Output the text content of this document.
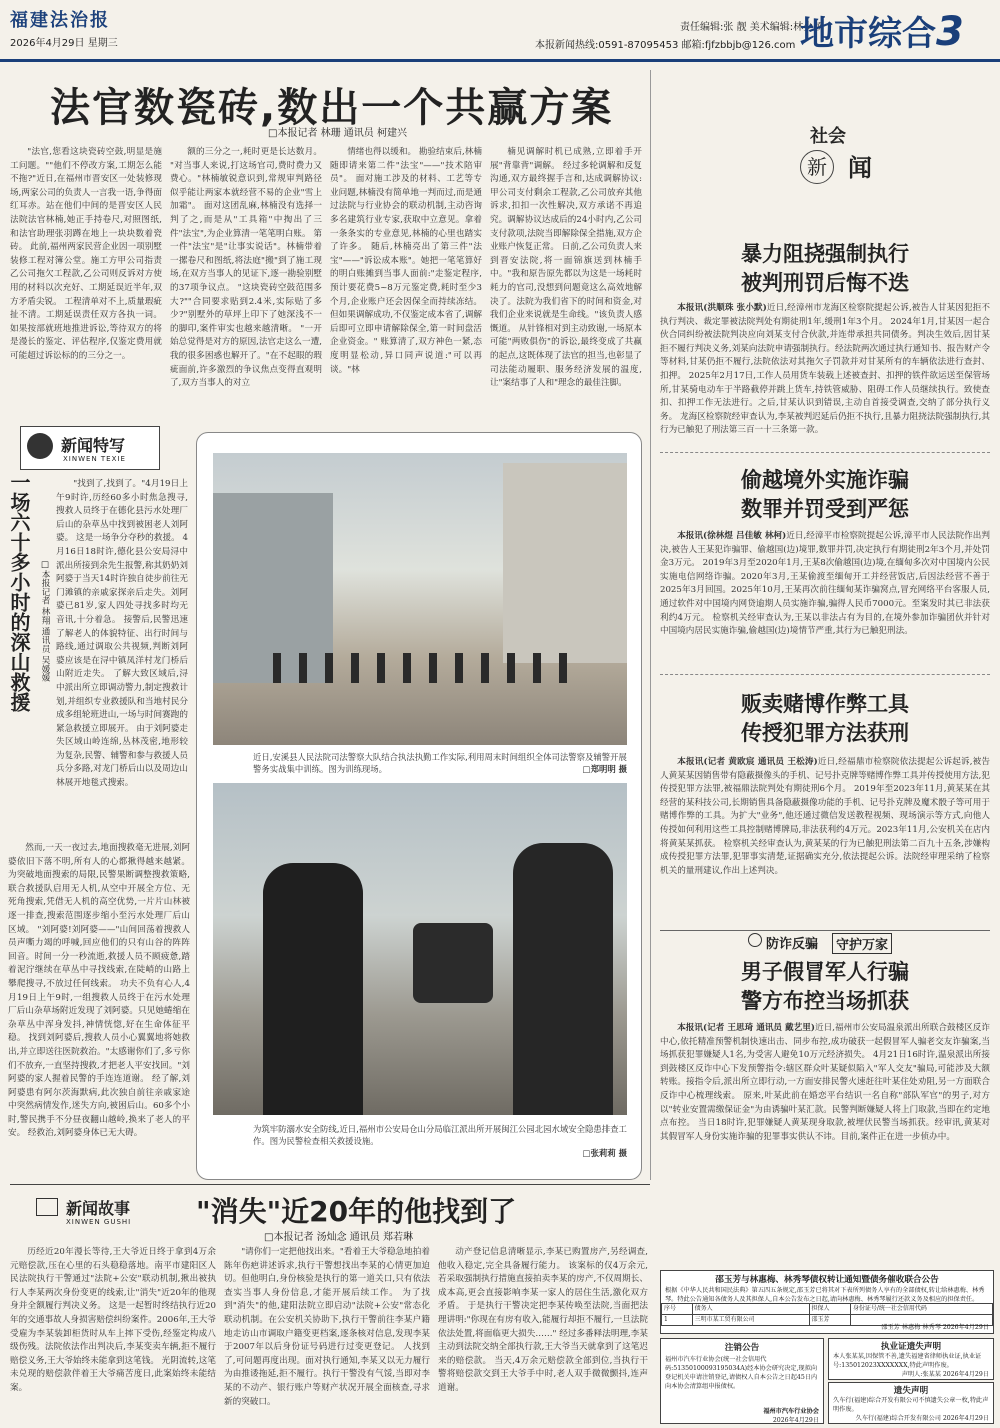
福建法治报
2026年4月29日 星期三
责任编辑:张 靓 美术编辑:林少颖
本报新闻热线:0591-87095453 邮箱:fjfzbbjb@126.com 地市综合3
法官数瓷砖,数出一个共赢方案
□本报记者 林珊 通讯员 柯建兴

"法官,您看这块瓷砖空鼓,明显是施工问题。""他们不停改方案,工期怎么能不拖?"近日,在福州市晋安区一处装修现场,两家公司的负责人一言我一语,争得面红耳赤。站在他们中间的是晋安区人民法院法官林楠,她正手持卷尺,对照图纸,和法官助理张羽蹲在地上一块块数着瓷砖。 此前,福州两家民营企业因一项别墅装修工程对簿公堂。施工方甲公司指责乙公司拖欠工程款,乙公司则反诉对方使用的材料以次充好、工期延误近半年,双方矛盾尖锐。 工程清单对不上,质量瑕疵扯不清。工期延误责任双方各执一词。如果按部就班地推进诉讼,等待双方的将是漫长的鉴定、评估程序,仅鉴定费用就可能超过诉讼标的的三分之一。

额的三分之一,耗时更是长达数月。 "对当事人来说,打这场官司,费时费力又费心。"林楠敏锐意识到,常规审判路径似乎能让两家本就经营不易的企业"雪上加霜"。 面对这团乱麻,林楠没有选择一判了之,而是从"工具箱"中掏出了三件"法宝",为企业算清一笔笔明白账。 第一件"法宝"是"让事实说话"。林楠带着一摞卷尺和图纸,将法庭"搬"到了施工现场,在双方当事人的见证下,逐一勘验别墅的37项争议点。 "这块瓷砖空鼓范围多大?""合同要求贴到2.4米,实际贴了多少?"别墅外的草坪上印下了她深浅不一的脚印,案件审实也越来越清晰。 "一开始总觉得是对方的原因,法官走这么一遭,我的很多困惑也解开了。"在不起眼的瑕疵面前,许多激烈的争议焦点变得直观明了,双方当事人的对立

情绪也得以缓和。 勘验结束后,林楠随即请来第二件"法宝"——"技术陪审员"。 面对施工涉及的材料、工艺等专业问题,林楠没有简单地一判而过,而是通过法院与行业协会的联动机制,主动咨询多名建筑行业专家,获取中立意见。拿着一条条实的专业意见,林楠的心里也踏实了许多。 随后,林楠亮出了第三件"法宝"——"诉讼成本账"。她把一笔笔算好的明白账摊到当事人面前:"走鉴定程序,预计要花费5~8万元鉴定费,耗时至少3个月,企业账户还会因保全而持续冻结。但如果调解成功,不仅鉴定成本省了,调解后即可立即申请解除保全,第一时间盘活企业资金。" 账算清了,双方神色一紧,态度明显松动,异口同声说道:"可以再谈。"林

楠见调解时机已成熟,立即着手开展"背靠背"调解。 经过多轮调解和反复沟通,双方最终握手言和,达成调解协议:甲公司支付剩余工程款,乙公司放弃其他诉求,扣扣一次性解决,双方承诺不再追究。调解协议达成后的24小时内,乙公司支付款项,法院当即解除保全措施,双方企业账户恢复正常。 日前,乙公司负责人来到晋安法院,将一面锦旗送到林楠手中。"我和原告原先都以为这是一场耗时耗力的官司,没想到问题竟这么高效地解决了。法院为我们省下的时间和资金,对我们企业来说就是生命线。"该负责人感慨道。 从针锋相对到主动致谢,一场原本可能"两败俱伤"的诉讼,最终变成了共赢的起点,这既体现了法官的担当,也彰显了司法能动履职、服务经济发展的温度,让"案结事了人和"理念的最佳注脚。

新闻特写
XINWEN TEXIE
一场六十多小时的深山救援 □本报记者 林翔 通讯员 吴媛媛

"找到了,找到了。"4月19日上午9时许,历经60多小时焦急搜寻,搜救人员终于在德化县污水处理厂后山的杂草丛中找到被困老人刘阿婆。 这是一场争分夺秒的救援。 4月16日18时许,德化县公安局浔中派出所接到余先生报警,称其奶奶刘阿婆于当天14时许独自徒步前往无门滩镇的亲戚家探亲后走失。刘阿婆已81岁,家人四处寻找多时均无音讯,十分着急。 接警后,民警迅速了解老人的体貌特征、出行时间与路线,通过调取公共视频,判断刘阿婆应该是在浔中镇凤洋村龙门桥后山附近走失。 了解大致区域后,浔中派出所立即调动警力,制定搜救计划,并组织专业救援队和当地村民分成多组轮班进山,一场与时间赛跑的紧急救援立即展开。 由于刘阿婆走失区域山岭连绵,丛林茂密,地形较为复杂,民警、辅警和参与救援人员兵分多路,对龙门桥后山以及周边山林展开地毯式搜索。

然而,一天一夜过去,地面搜救毫无进展,刘阿婆依旧下落不明,所有人的心都揪得越来越紧。为突破地面搜索的局限,民警果断调整搜救策略,联合救援队启用无人机,从空中开展全方位、无死角搜索,凭借无人机的高空优势,一片片山林被逐一排查,搜索范围逐步缩小至污水处理厂后山区域。 "刘阿婆!刘阿婆——"山间回荡着搜救人员声嘶力竭的呼喊,回应他们的只有山谷的阵阵回音。时间一分一秒流逝,救援人员不顾疲惫,踏着泥泞继续在草丛中寻找线索,在陡峭的山路上攀爬搜寻,不放过任何线索。 功夫不负有心人,4月19日上午9时,一组搜救人员终于在污水处理厂后山杂草场附近发现了刘阿婆。只见她蜷缩在杂草丛中浑身发抖,神情恍惚,好在生命体征平稳。 找到刘阿婆后,搜救人员小心翼翼地将她救出,并立即送往医院救治。"太感谢你们了,多亏你们不放弃,一直坚持搜救,才把老人平安找回。"刘阿婆的家人握着民警的手连连道谢。 经了解,刘阿婆患有阿尔茨海默病,此次独自前往亲戚家途中突然病情发作,迷失方向,被困后山。60多个小时,警民携手不分昼夜翻山越岭,换来了老人的平安。 经救治,刘阿婆身体已无大碍。

近日,安溪县人民法院司法警察大队结合执法执勤工作实际,利用周末时间组织全体司法警察及辅警开展警务实战集中训练。图为训练现场。	□郑明明 摄
为筑牢防溺水安全防线,近日,福州市公安局仓山分局临江派出所开展闽江公园北园水域安全隐患排查工作。图为民警检查相关救援设施。
□张莉莉 摄
社会
新 闻
暴力阻挠强制执行
被判刑罚后悔不迭

本报讯(洪顺珠 张小默)近日,经漳州市龙海区检察院提起公诉,被告人甘某因犯拒不执行判决、裁定罪被法院判处有期徒刑1年,缓刑1年3个月。 2024年1月,甘某因一起合伙合同纠纷被法院判决应向刘某支付合伙款,并连带承担共同债务。判决生效后,因甘某拒不履行判决义务,刘某向法院申请强制执行。经法院两次通过执行通知书、报告财产令等材料,甘某仍拒不履行,法院依法对其拖欠子罚款并对甘某所有的车辆依法进行查封、扣押。 2025年2月17日,工作人员用货车装载上述被查封、扣押的铁件欲运送至保管场所,甘某骑电动车于半路截停并跳上货车,持铁管威胁、阻碍工作人员继续执行。致使查扣、扣押工作无法进行。之后,甘某认识到错误,主动自首接受调查,交纳了部分执行义务。 龙海区检察院经审查认为,李某被判迟延后仍拒不执行,且暴力阻挠法院强制执行,其行为已触犯了刑法第三百一十三条第一款。

偷越境外实施诈骗
数罪并罚受到严惩

本报讯(徐林煜 吕佳敏 林柯)近日,经漳平市检察院提起公诉,漳平市人民法院作出判决,被告人王某犯诈骗罪、偷越国(边)境罪,数罪并罚,决定执行有期徒刑2年3个月,并处罚金3万元。 2019年3月至2020年1月,王某8次偷越国(边)境,在缅甸多次对中国境内公民实施电信网络诈骗。2020年3月,王某偷渡至缅甸开工并经营饭店,后因法经营不善于2025年3月回国。2025年10月,王某再次前往缅甸某诈骗窝点,冒充网络平台客服人员,通过软件对中国境内网贷逾期人员实施诈骗,骗得人民币7000元。至案发时其已非法获利约4万元。 检察机关经审查认为,王某以非法占有为目的,在境外参加诈骗团伙并针对中国境内居民实施诈骗,偷越国(边)境情节严重,其行为已触犯刑法。

贩卖赌博作弊工具
传授犯罪方法获刑

本报讯(记者 黄欧宸 通讯员 王松涛)近日,经福鼎市检察院依法提起公诉起诉,被告人黄某某因销售带有隐蔽摄像头的手机、记号扑克牌等赌博作弊工具并传授使用方法,犯传授犯罪方法罪,被福鼎法院判处有期徒刑6个月。 2019年至2023年11月,黄某某在其经营的某科技公司,长期销售具备隐蔽摄像功能的手机、记号扑克牌及魔术骰子等可用于赌博作弊的工具。为扩大"业务",他还通过微信发送教程视频、现场演示等方式,向他人传授如何利用这些工具控制赌博牌局,非法获利约4万元。2023年11月,公安机关在店内将黄某某抓获。 检察机关经审查认为,黄某某的行为已触犯刑法第二百九十五条,涉嫌构成传授犯罪方法罪,犯罪事实清楚,证据确实充分,依法提起公诉。法院经审理采纳了检察机关的量刑建议,作出上述判决。

防诈反骗	守护万家
男子假冒军人行骗
警方布控当场抓获

本报讯(记者 王思琦 通讯员 戴艺里)近日,福州市公安局温泉派出所联合鼓楼区反诈中心,依托精准预警机制快速出击、同步布控,成功破获一起假冒军人骗老交友诈骗案,当场抓获犯罪嫌疑人1名,为受害人避免10万元经济损失。 4月21日16时许,温泉派出所接到鼓楼区反诈中心下发预警指令:辖区群众叶某疑似陷入"军人交友"骗局,可能涉及大额转账。接指令后,派出所立即行动,一方面安排民警火速赶往叶某住处劝阻,另一方面联合反诈中心梳理线索。 原来,叶某此前在婚恋平台结识一名自称"部队军官"的男子,对方以"转业安置需缴保证金"为由诱骗叶某汇款。民警判断嫌疑人将上门取款,当即在约定地点布控。 当日18时许,犯罪嫌疑人黄某现身取款,被埋伏民警当场抓获。经审讯,黄某对其假冒军人身份实施诈骗的犯罪事实供认不讳。目前,案件正在进一步侦办中。

新闻故事
XINWEN GUSHI "消失"近20年的他找到了
□本报记者 汤灿念 通讯员 郑若琳

历经近20年漫长等待,王大爷近日终于拿到4万余元赔偿款,压在心里的石头稳稳落地。南平市建阳区人民法院执行干警通过"法院+公安"联动机制,揪出被执行人李某两次身份变更的线索,让"消失"近20年的他现身并全额履行判决义务。 这是一起暂时终结执行近20年的交通事故人身损害赔偿纠纷案件。2006年,王大爷受雇为李某装卸柜货时从车上摔下受伤,经鉴定构成八级伤残。法院依法作出判决后,李某变卖车辆,拒不履行赔偿义务,王大爷始终未能拿到这笔钱。 光阴流转,这笔未兑现的赔偿款伴着王大爷痛苦度日,此案始终未能结案。

"请你们一定把他找出来。"看着王大爷稳急地拍着陈年伤疤讲述诉求,执行干警想找出李某的心情更加迫切。但他明白,身份核验是执行的第一道关口,只有依法查实当事人身份信息,才能开展后续工作。 为了找到"消失"的他,建阳法院立即启动"法院+公安"常态化联动机制。在公安机关协助下,执行干警前往李某户籍地走访山市调取户籍变更档案,逐条核对信息,发现李某于2007年以后身份证号码进行过变更登记。 人找到了,可问题再度出现。面对执行通知,李某又以无力履行为由推诿拖延,拒不履行。执行干警没有气馁,当即对李某的不动产、银行账户等财产状况开展全面核查,寻求新的突破口。

动产登记信息清晰显示,李某已购置房产,另经调查,他收入稳定,完全具备履行能力。 该案标的仅4万余元,若采取强制执行措施直接拍卖李某的房产,不仅周期长、成本高,更会直接影响李某一家人的居住生活,激化双方矛盾。 于是执行干警决定把李某传唤至法院,当面把法理讲明:"你现在有房有收入,能履行却拒不履行,一旦法院依法处置,将面临更大损失……" 经过多番释法明理,李某主动到法院交纳全部执行款,王大爷当天就拿到了这笔迟来的赔偿款。 当天,4万余元赔偿款全部到位,当执行干警将赔偿款交到王大爷手中时,老人双手微微颤抖,连声道谢。

邵玉芳与林惠梅、林秀琴债权转让通知暨债务催收联合公告
根据《中华人民共和国民法典》第五四五条规定,邵玉芳已将其对下表所列债务人享有的全部债权,转让给林惠梅、林秀琴。特此公告通知各债务人及其担保人,自本公告发布之日起,请向林惠梅、林秀琴履行还款义务及相应的担保责任。
序号	债务人	担保人	身份证号/统一社会信用代码
1	三明市某工贸有限公司	邵玉芳	
邵玉芳 林惠梅 林秀琴 2026年4月29日
注销公告
福州市汽车行业协会(统一社会信用代码:51350100093195034A)经本协会研究决定,现拟向登记机关申请注销登记,请债权人自本公告之日起45日内向本协会清算组申报债权。
福州市汽车行业协会
2026年4月29日
执业证遗失声明
本人张某某,因保管不善,遗失福建省律师执业证,执业证号:135012023XXXXXXX,特此声明作废。
声明人:张某某 2026年4月29日
遗失声明
久车行(福建)综合开发有限公司不慎遗失公章一枚,特此声明作废。
久车行(福建)综合开发有限公司 2026年4月29日
